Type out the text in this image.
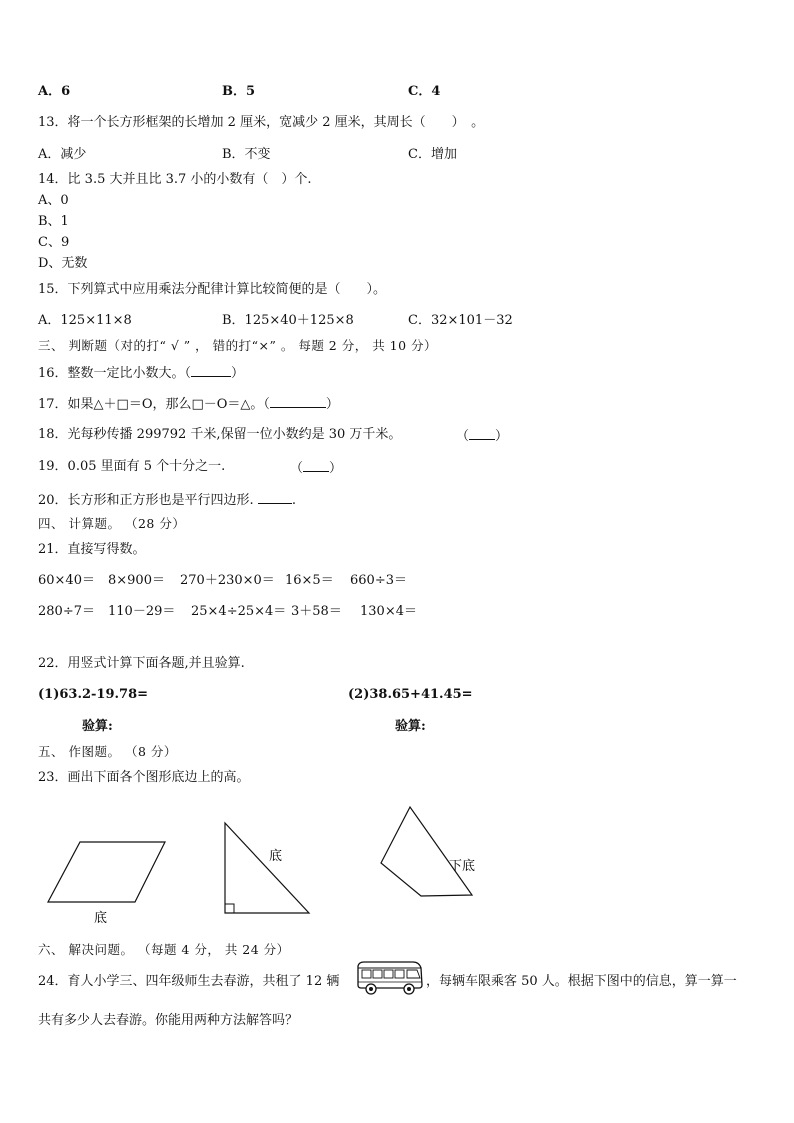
A．6	B．5	C．4
13．将一个长方形框架的长增加 2 厘米，宽减少 2 厘米，其周长（　　）　。
A．减少	B．不变	C．增加
14．比 3.5 大并且比 3.7 小的小数有（　）个.
A、0
B、1
C、9
D、无数
15．下列算式中应用乘法分配律计算比较简便的是（　　）。
A．125×11×8	B．125×40＋125×8	C．32×101－32
三、 判断题（对的打“ √ ” ， 错的打“×” 。 每题 2 分， 共 10 分）
16．整数一定比小数大。（	）
17．如果△＋□＝O，那么□－O＝△。（	）
18．光每秒传播 299792 千米,保留一位小数约是 30 万千米。	（ ）
19．0.05 里面有 5 个十分之一.	（ ）
20．长方形和正方形也是平行四边形.	.
四、 计算题。 （28 分）
21．直接写得数。
60×40＝ 8×900＝ 270＋230×0＝ 16×5＝ 660÷3＝
280÷7＝ 110－29＝ 25×4÷25×4＝ 3＋58＝ 130×4＝
22．用竖式计算下面各题,并且验算.
(1)63.2-19.78=	(2)38.65+41.45=
验算:	验算:
五、 作图题。 （8 分）
23．画出下面各个图形底边上的高。
底
底
下底
六、 解决问题。 （每题 4 分， 共 24 分）
24．育人小学三、四年级师生去春游，共租了 12 辆	，每辆车限乘客 50 人。根据下图中的信息，算一算一
共有多少人去春游。你能用两种方法解答吗？
